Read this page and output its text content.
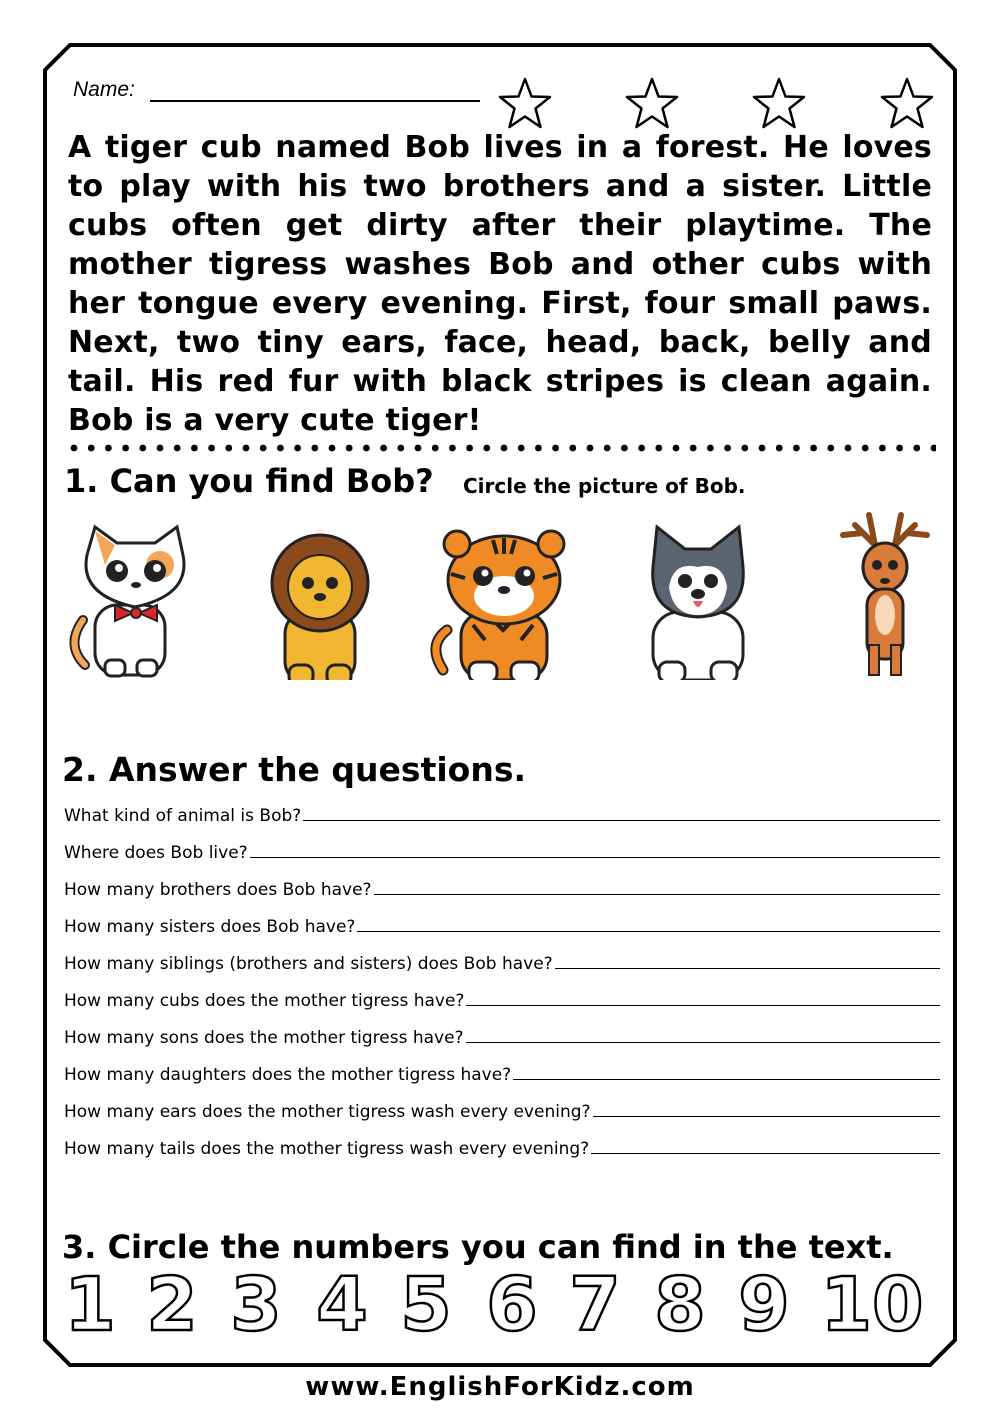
Name:
A tiger cub named Bob lives in a forest. He loves to play with his two brothers and a sister. Little cubs often get dirty after their playtime. The mother tigress washes Bob and other cubs with her tongue every evening. First, four small paws. Next, two tiny ears, face, head, back, belly and tail. His red fur with black stripes is clean again. Bob is a very cute tiger!
1. Can you find Bob? Circle the picture of Bob.
2. Answer the questions.
What kind of animal is Bob?
Where does Bob live?
How many brothers does Bob have?
How many sisters does Bob have?
How many siblings (brothers and sisters) does Bob have?
How many cubs does the mother tigress have?
How many sons does the mother tigress have?
How many daughters does the mother tigress have?
How many ears does the mother tigress wash every evening?
How many tails does the mother tigress wash every evening?
3. Circle the numbers you can find in the text.
1 2 3 4 5 6 7 8 9 10
www.EnglishForKidz.com
